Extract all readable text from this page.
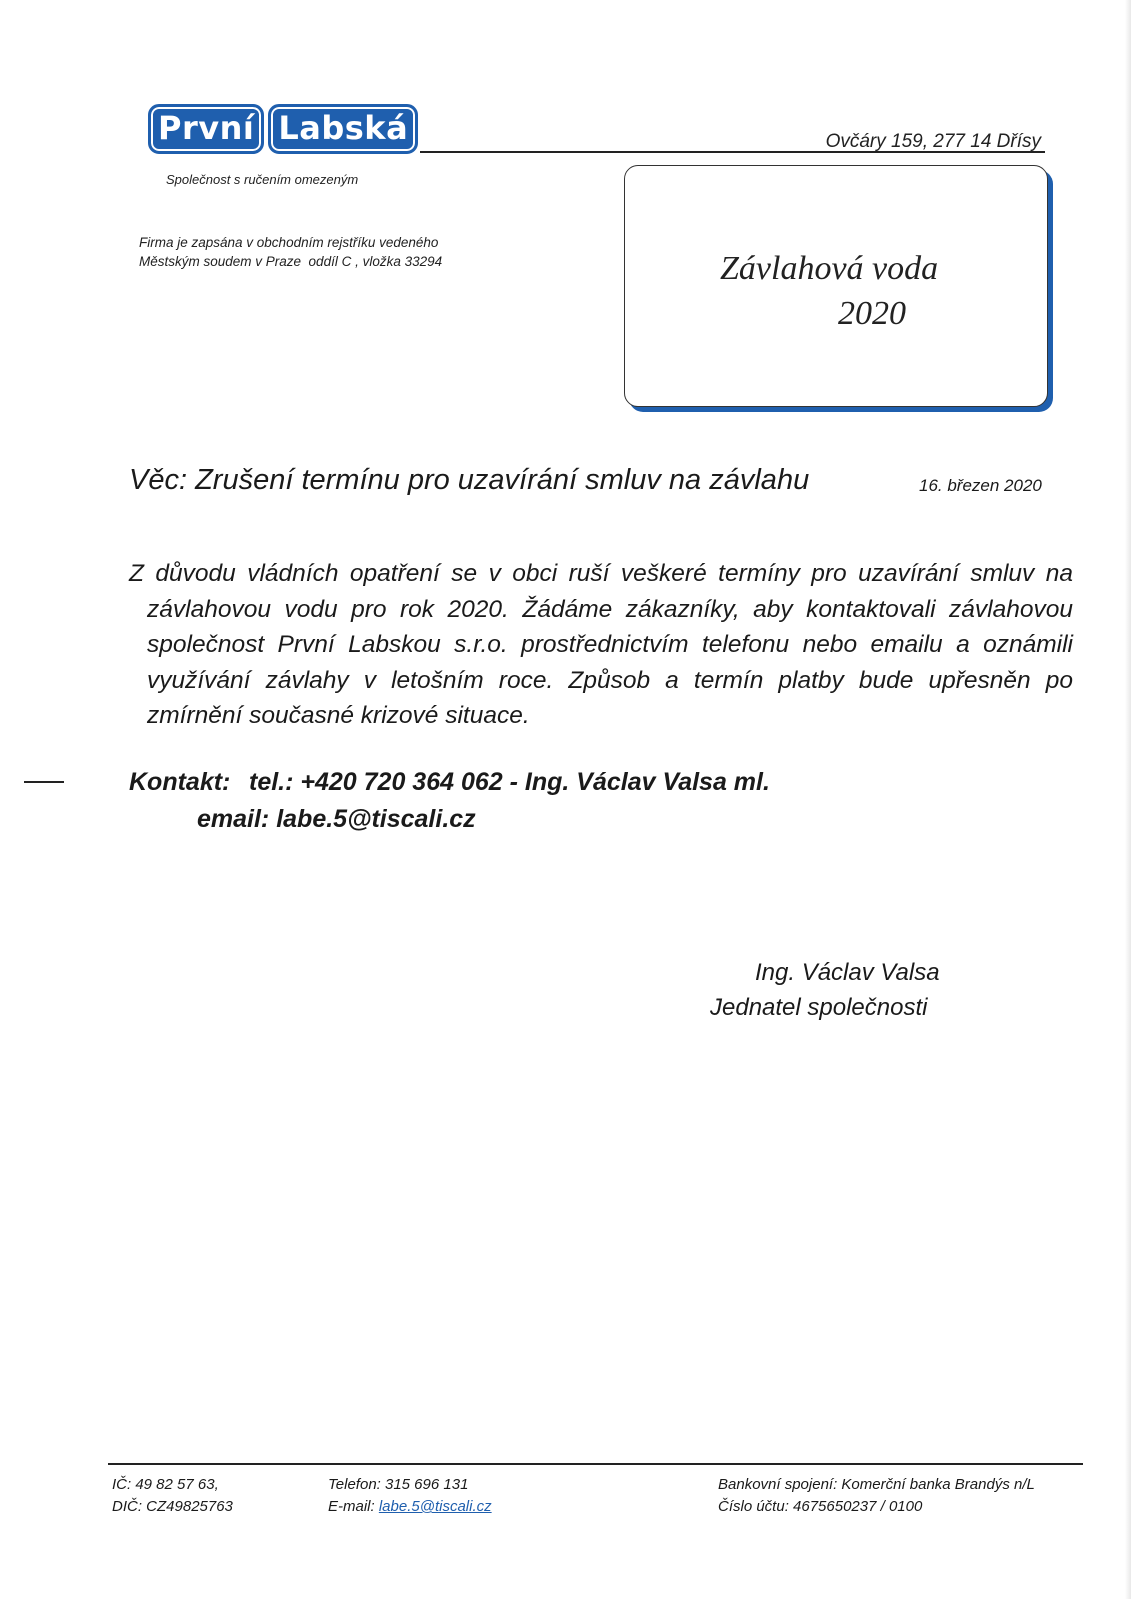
První Labská	Ovčáry 159, 277 14 Dřísy
Společnost s ručením omezeným
Firma je zapsána v obchodním rejstříku vedeného
Městským soudem v Praze  oddíl C , vložka 33294	Závlahová voda
2020
Věc: Zrušení termínu pro uzavírání smluv na závlahu	16. březen 2020
Z důvodu vládních opatření se v obci ruší veškeré termíny pro uzavírání smluv na
závlahovou vodu pro rok 2020. Žádáme zákazníky, aby kontaktovali závlahovou
společnost První Labskou s.r.o. prostřednictvím telefonu nebo emailu a oznámili
využívání závlahy v letošním roce. Způsob a termín platby bude upřesněn po
zmírnění současné krizové situace.
Kontakt: tel.: +420 720 364 062 - Ing. Václav Valsa ml.
email: labe.5@tiscali.cz
Ing. Václav Valsa
Jednatel společnosti
IČ: 49 82 57 63,
DIČ: CZ49825763
Telefon: 315 696 131
E-mail: labe.5@tiscali.cz
Bankovní spojení: Komerční banka Brandýs n/L
Číslo účtu: 4675650237 / 0100
